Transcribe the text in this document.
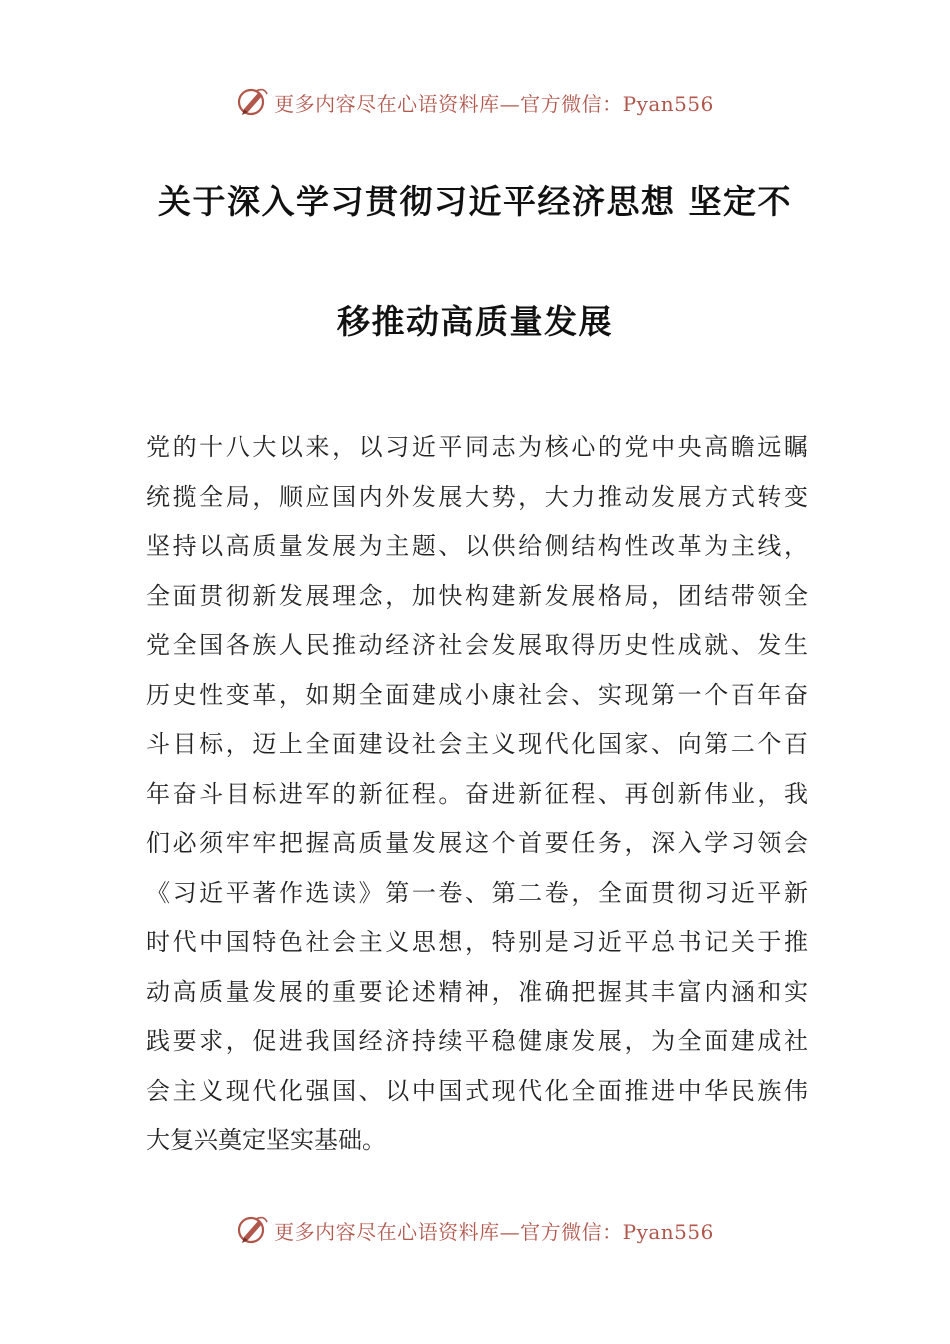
更多内容尽在心语资料库—官方微信：Pyan556
关于深入学习贯彻习近平经济思想 坚定不
移推动高质量发展
党的十八大以来，以习近平同志为核心的党中央高瞻远瞩
统揽全局，顺应国内外发展大势，大力推动发展方式转变
坚持以高质量发展为主题、以供给侧结构性改革为主线，
全面贯彻新发展理念，加快构建新发展格局，团结带领全
党全国各族人民推动经济社会发展取得历史性成就、发生
历史性变革，如期全面建成小康社会、实现第一个百年奋
斗目标，迈上全面建设社会主义现代化国家、向第二个百
年奋斗目标进军的新征程。奋进新征程、再创新伟业，我
们必须牢牢把握高质量发展这个首要任务，深入学习领会
《习近平著作选读》第一卷、第二卷，全面贯彻习近平新
时代中国特色社会主义思想，特别是习近平总书记关于推
动高质量发展的重要论述精神，准确把握其丰富内涵和实
践要求，促进我国经济持续平稳健康发展，为全面建成社
会主义现代化强国、以中国式现代化全面推进中华民族伟
大复兴奠定坚实基础。
更多内容尽在心语资料库—官方微信：Pyan556
